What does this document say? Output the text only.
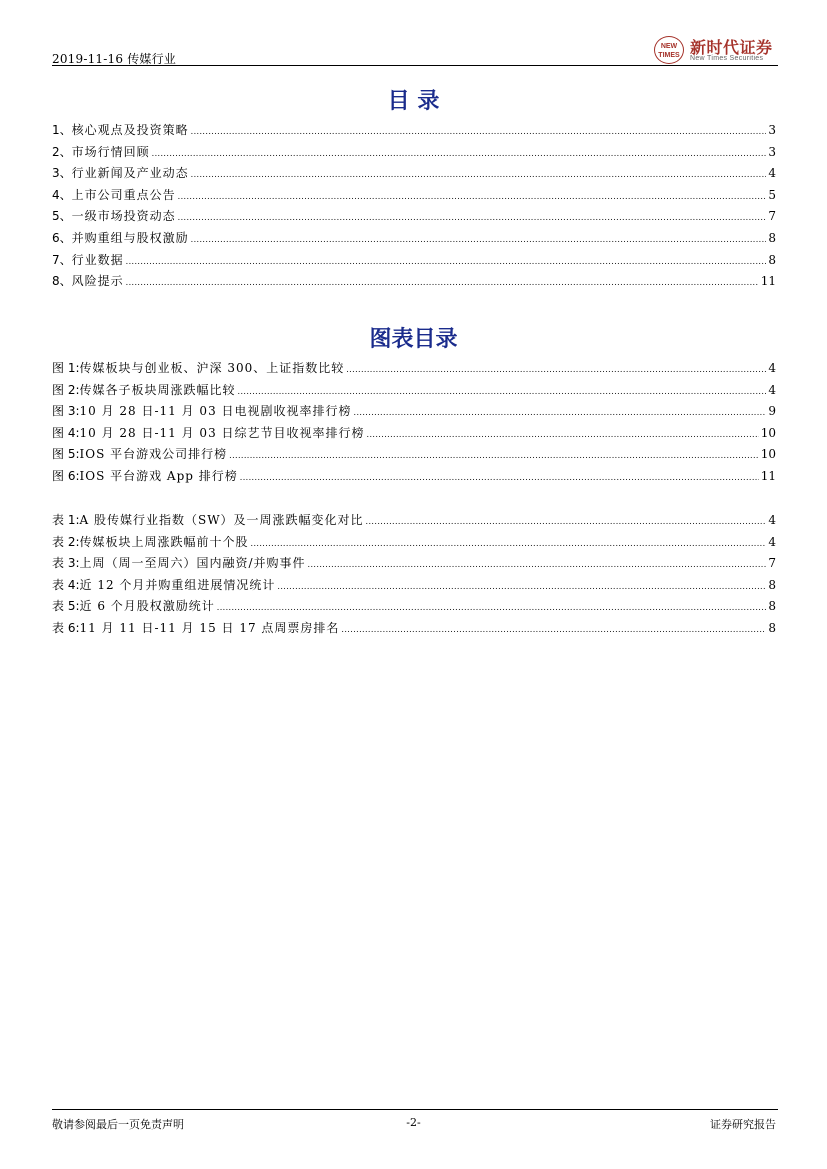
2019-11-16 传媒行业
NEW TIMES 新时代证券
New Times Securities
目 录
1、 核心观点及投资策略 .....	3
2、 市场行情回顾 .....	3
3、 行业新闻及产业动态 .....	4
4、 上市公司重点公告 .....	5
5、 一级市场投资动态 .....	7
6、 并购重组与股权激励 .....	8
7、 行业数据 .....	8
8、 风险提示 .....	11
图表目录
图 1: 传媒板块与创业板、沪深 300、上证指数比较 .....	4
图 2: 传媒各子板块周涨跌幅比较 .....	4
图 3: 10 月 28 日-11 月 03 日电视剧收视率排行榜 .....	9
图 4: 10 月 28 日-11 月 03 日综艺节目收视率排行榜 .....	10
图 5: IOS 平台游戏公司排行榜 .....	10
图 6: IOS 平台游戏 App 排行榜 .....	11
表 1: A 股传媒行业指数（SW）及一周涨跌幅变化对比 .....	4
表 2: 传媒板块上周涨跌幅前十个股 .....	4
表 3: 上周（周一至周六）国内融资/并购事件 .....	7
表 4: 近 12 个月并购重组进展情况统计 .....	8
表 5: 近 6 个月股权激励统计 .....	8
表 6: 11 月 11 日-11 月 15 日 17 点周票房排名 .....	8
敬请参阅最后一页免责声明	-2-	证券研究报告
